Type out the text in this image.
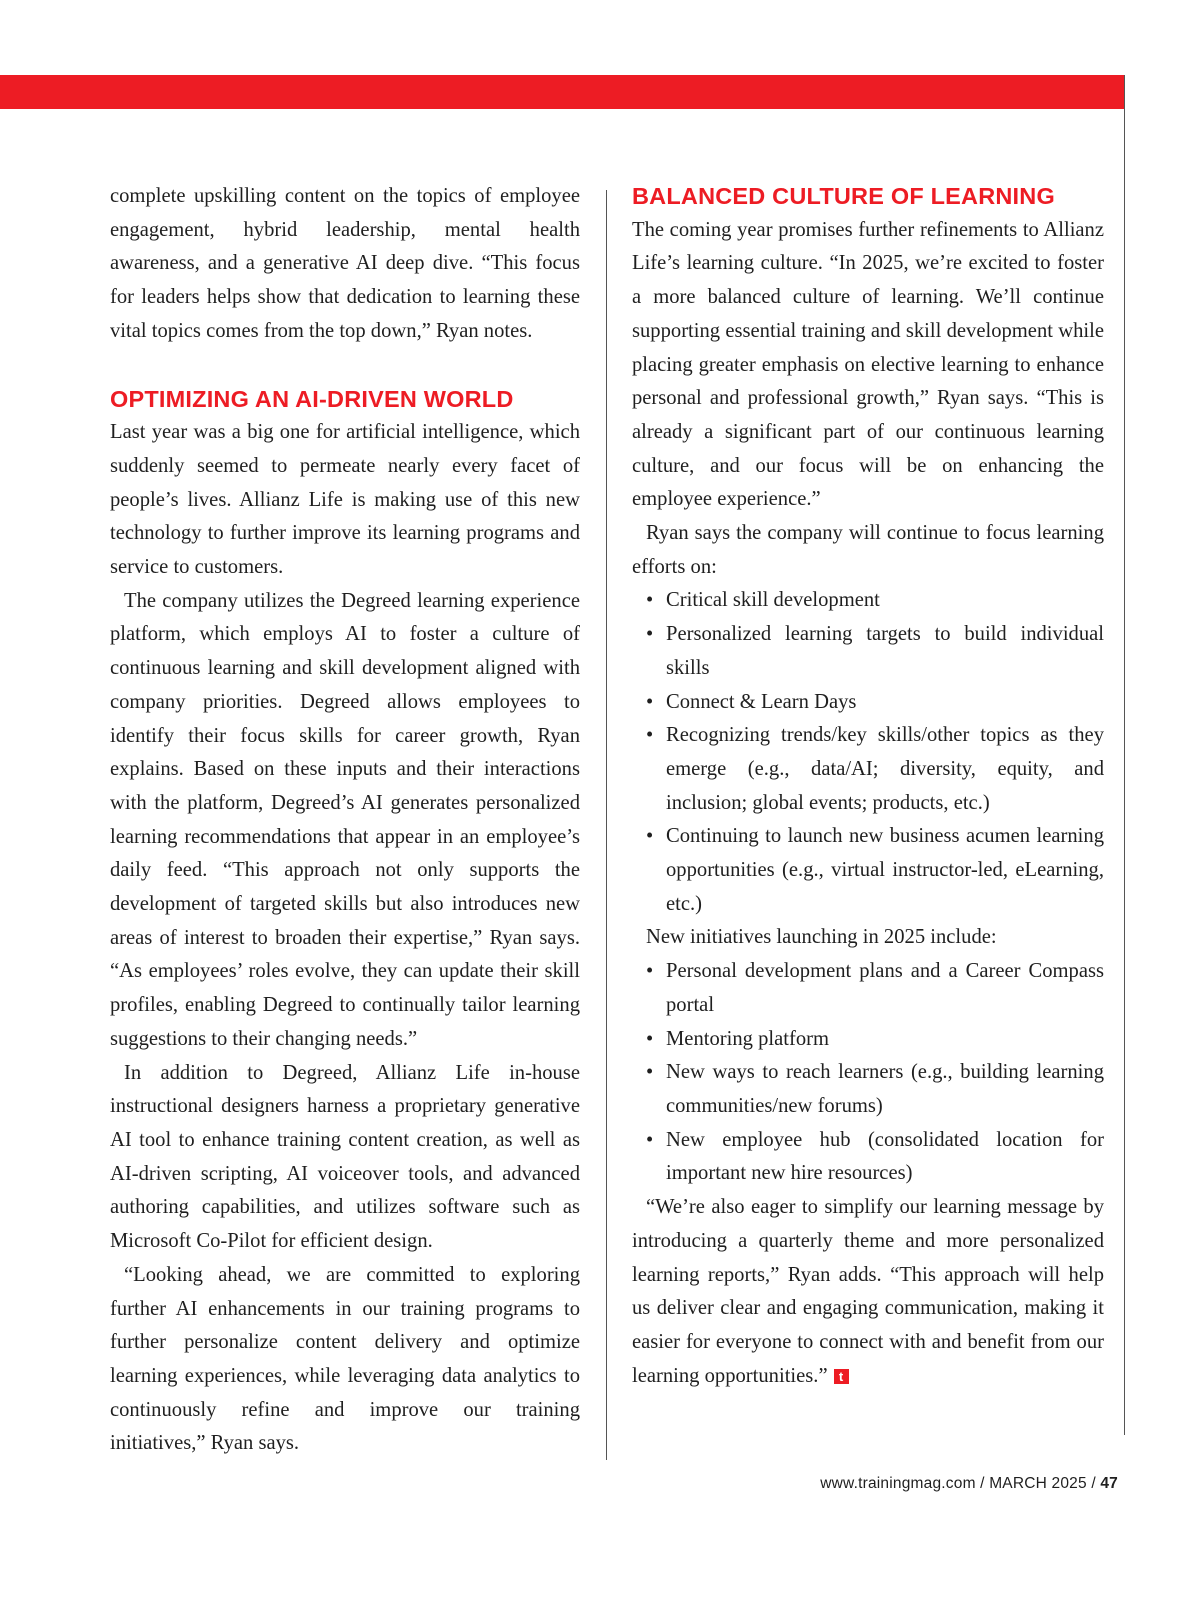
complete upskilling content on the topics of employee engagement, hybrid leadership, mental health awareness, and a generative AI deep dive. “This focus for leaders helps show that dedication to learning these vital topics comes from the top down,” Ryan notes.

OPTIMIZING AN AI-DRIVEN WORLD

Last year was a big one for artificial intelligence, which suddenly seemed to permeate nearly every facet of people’s lives. Allianz Life is making use of this new technology to further improve its learning programs and service to customers.

The company utilizes the Degreed learning experience platform, which employs AI to foster a culture of continuous learning and skill development aligned with company priorities. Degreed allows employees to identify their focus skills for career growth, Ryan explains. Based on these inputs and their interactions with the platform, Degreed’s AI generates personalized learning recommendations that appear in an employee’s daily feed. “This approach not only supports the development of targeted skills but also introduces new areas of interest to broaden their expertise,” Ryan says. “As employees’ roles evolve, they can update their skill profiles, enabling Degreed to continually tailor learning suggestions to their changing needs.”

In addition to Degreed, Allianz Life in-house instructional designers harness a proprietary generative AI tool to enhance training content creation, as well as AI-driven scripting, AI voiceover tools, and advanced authoring capabilities, and utilizes software such as Microsoft Co-Pilot for efficient design.

“Looking ahead, we are committed to exploring further AI enhancements in our training programs to further personalize content delivery and optimize learning experiences, while leveraging data analytics to continuously refine and improve our training initiatives,” Ryan says.

BALANCED CULTURE OF LEARNING

The coming year promises further refinements to Allianz Life’s learning culture. “In 2025, we’re excited to foster a more balanced culture of learning. We’ll continue supporting essential training and skill development while placing greater emphasis on elective learning to enhance personal and professional growth,” Ryan says. “This is already a significant part of our continuous learning culture, and our focus will be on enhancing the employee experience.”

Ryan says the company will continue to focus learning efforts on:

• Critical skill development
• Personalized learning targets to build individual skills
• Connect & Learn Days
• Recognizing trends/key skills/other topics as they emerge (e.g., data/AI; diversity, equity, and inclusion; global events; products, etc.)
• Continuing to launch new business acumen learning opportunities (e.g., virtual instructor-led, eLearning, etc.)

New initiatives launching in 2025 include:

• Personal development plans and a Career Compass portal
• Mentoring platform
• New ways to reach learners (e.g., building learning communities/new forums)
• New employee hub (consolidated location for important new hire resources)

“We’re also eager to simplify our learning message by introducing a quarterly theme and more personalized learning reports,” Ryan adds. “This approach will help us deliver clear and engaging communication, making it easier for everyone to connect with and benefit from our learning opportunities.” t

www.trainingmag.com / MARCH 2025 / 47
